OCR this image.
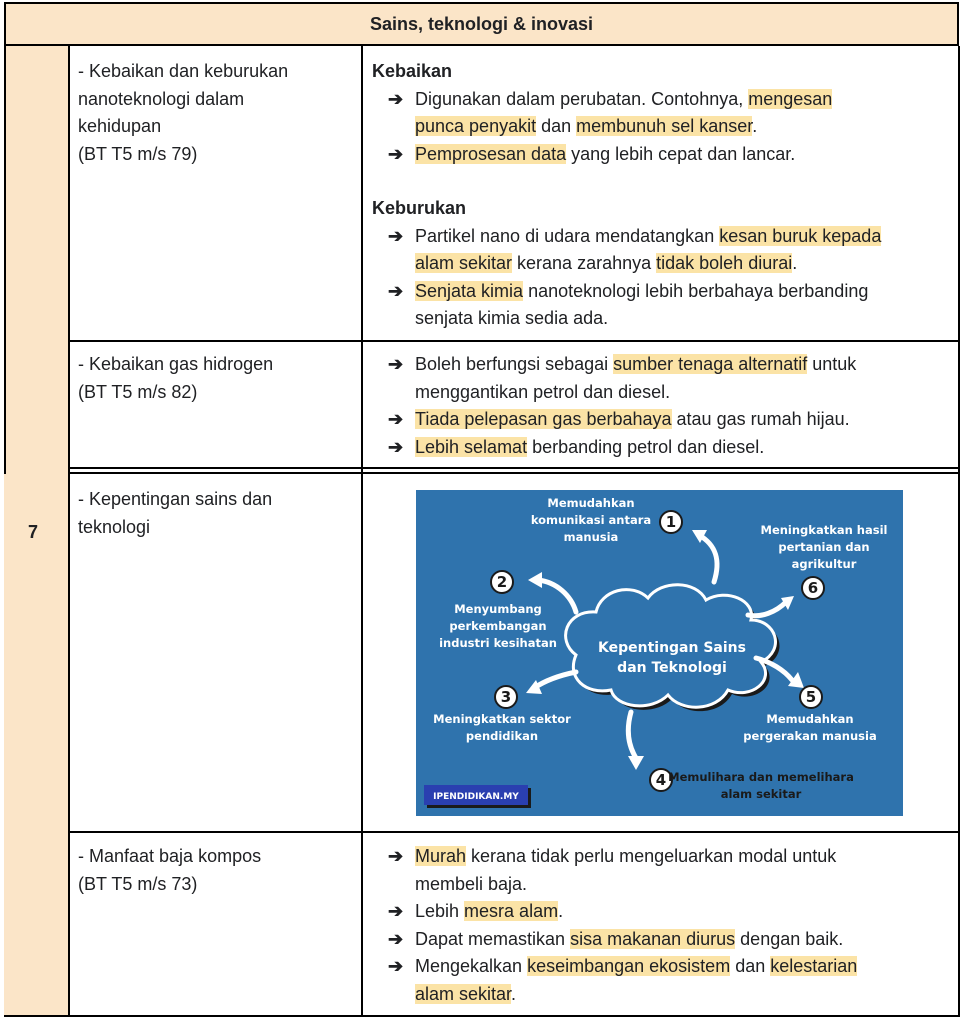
Sains, teknologi & inovasi
7
- Kebaikan dan keburukan
nanoteknologi dalam
kehidupan
(BT T5 m/s 79)
Kebaikan
➔ Digunakan dalam perubatan. Contohnya, mengesan
punca penyakit dan membunuh sel kanser.
➔ Pemprosesan data yang lebih cepat dan lancar.
Keburukan
➔ Partikel nano di udara mendatangkan kesan buruk kepada
alam sekitar kerana zarahnya tidak boleh diurai.
➔ Senjata kimia nanoteknologi lebih berbahaya berbanding
senjata kimia sedia ada.
- Kebaikan gas hidrogen
(BT T5 m/s 82)
➔ Boleh berfungsi sebagai sumber tenaga alternatif untuk
menggantikan petrol dan diesel.
➔ Tiada pelepasan gas berbahaya atau gas rumah hijau.
➔ Lebih selamat berbanding petrol dan diesel.
- Kepentingan sains dan
teknologi
Kepentingan Sains
dan Teknologi
1
2
3
4
5
6
Memudahkan
komunikasi antara
manusia
Menyumbang
perkembangan
industri kesihatan
Meningkatkan sektor
pendidikan
Memulihara dan memelihara
alam sekitar
Memudahkan
pergerakan manusia
Meningkatkan hasil
pertanian dan
agrikultur
IPENDIDIKAN.MY
- Manfaat baja kompos
(BT T5 m/s 73)
➔ Murah kerana tidak perlu mengeluarkan modal untuk
membeli baja.
➔ Lebih mesra alam.
➔ Dapat memastikan sisa makanan diurus dengan baik.
➔ Mengekalkan keseimbangan ekosistem dan kelestarian
alam sekitar.
